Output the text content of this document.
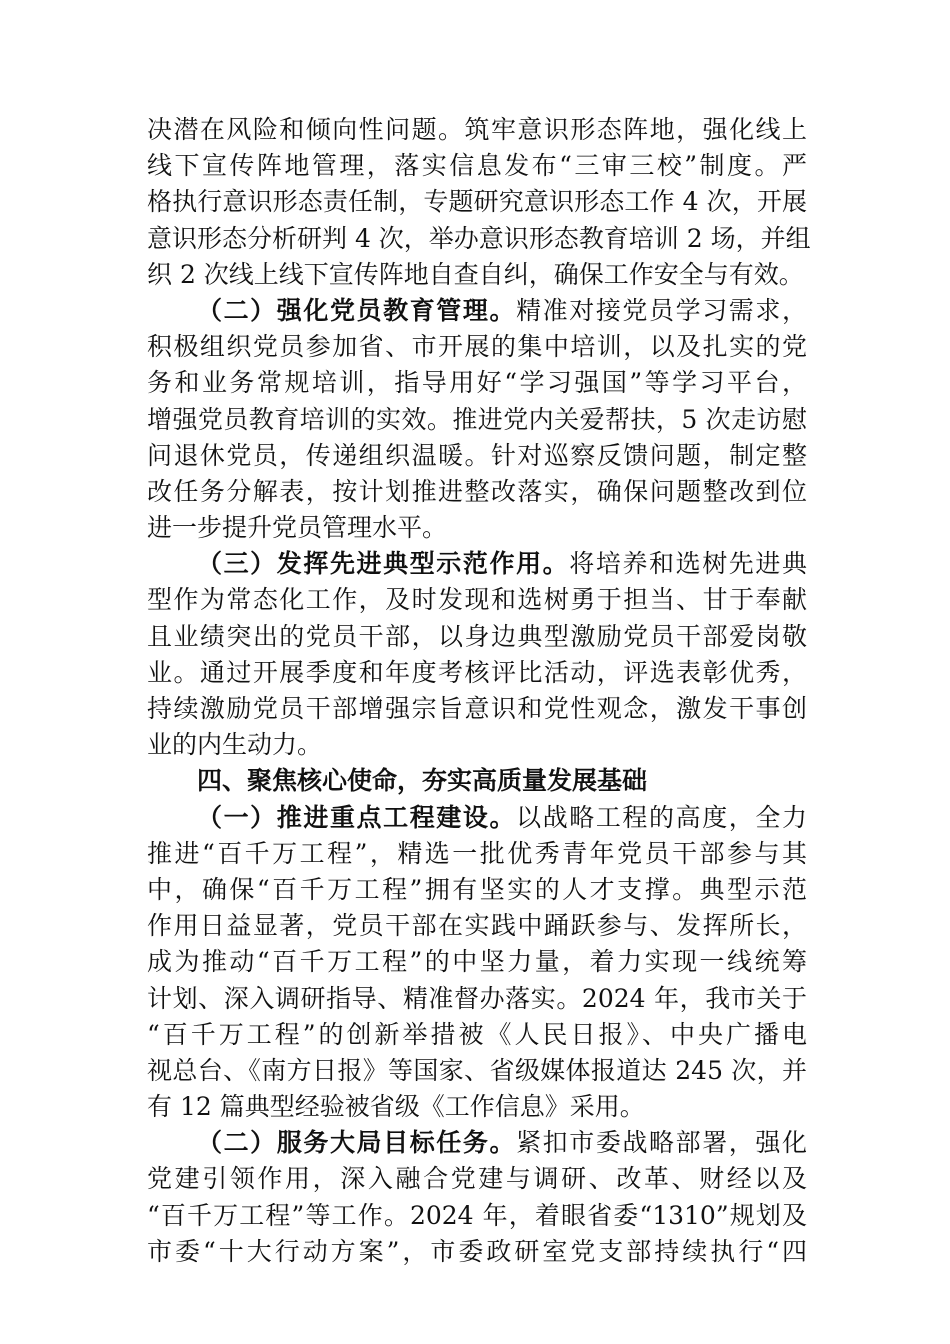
决潜在风险和倾向性问题。筑牢意识形态阵地，强化线上
线下宣传阵地管理，落实信息发布“三审三校”制度。严
格执行意识形态责任制，专题研究意识形态工作 4 次，开展
意识形态分析研判 4 次，举办意识形态教育培训 2 场，并组
织 2 次线上线下宣传阵地自查自纠，确保工作安全与有效。
（二）强化党员教育管理。精准对接党员学习需求，
积极组织党员参加省、市开展的集中培训，以及扎实的党
务和业务常规培训，指导用好“学习强国”等学习平台，
增强党员教育培训的实效。推进党内关爱帮扶，5 次走访慰
问退休党员，传递组织温暖。针对巡察反馈问题，制定整
改任务分解表，按计划推进整改落实，确保问题整改到位
进一步提升党员管理水平。
（三）发挥先进典型示范作用。将培养和选树先进典
型作为常态化工作，及时发现和选树勇于担当、甘于奉献
且业绩突出的党员干部，以身边典型激励党员干部爱岗敬
业。通过开展季度和年度考核评比活动，评选表彰优秀，
持续激励党员干部增强宗旨意识和党性观念，激发干事创
业的内生动力。
四、聚焦核心使命，夯实高质量发展基础
（一）推进重点工程建设。以战略工程的高度，全力
推进“百千万工程”，精选一批优秀青年党员干部参与其
中，确保“百千万工程”拥有坚实的人才支撑。典型示范
作用日益显著，党员干部在实践中踊跃参与、发挥所长，
成为推动“百千万工程”的中坚力量，着力实现一线统筹
计划、深入调研指导、精准督办落实。2024 年，我市关于
“百千万工程”的创新举措被《人民日报》、中央广播电
视总台、《南方日报》等国家、省级媒体报道达 245 次，并
有 12 篇典型经验被省级《工作信息》采用。
（二）服务大局目标任务。紧扣市委战略部署，强化
党建引领作用，深入融合党建与调研、改革、财经以及
“百千万工程”等工作。2024 年，着眼省委“1310”规划及
市委“十大行动方案”，市委政研室党支部持续执行“四
